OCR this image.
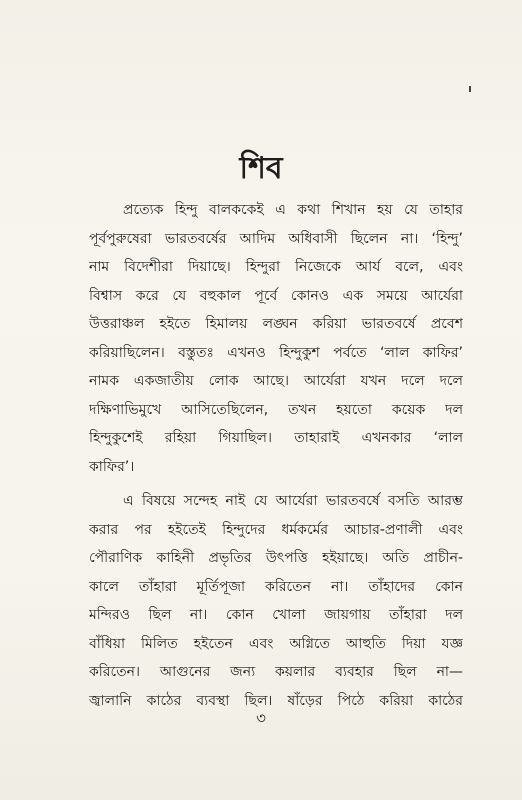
শিব

প্রত্যেক হিন্দু বালককেই এ কথা শিখান হয় যে তাহার
পূর্বপুরুষেরা ভারতবর্ষের আদিম অধিবাসী ছিলেন না। ‘হিন্দু’
নাম বিদেশীরা দিয়াছে। হিন্দুরা নিজেকে আর্য বলে, এবং
বিশ্বাস করে যে বহুকাল পূর্বে কোনও এক সময়ে আর্যেরা
উত্তরাঞ্চল হইতে হিমালয় লঙ্ঘন করিয়া ভারতবর্ষে প্রবেশ
করিয়াছিলেন। বস্তুতঃ এখনও হিন্দুকুশ পর্বতে ‘লাল কাফির’
নামক একজাতীয় লোক আছে। আর্যেরা যখন দলে দলে
দক্ষিণাভিমুখে আসিতেছিলেন, তখন হয়তো কয়েক দল
হিন্দুকুশেই রহিয়া গিয়াছিল। তাহারাই এখনকার ‘লাল
কাফির’।

এ বিষয়ে সন্দেহ নাই যে আর্যেরা ভারতবর্ষে বসতি আরম্ভ
করার পর হইতেই হিন্দুদের ধর্মকর্মের আচার-প্রণালী এবং
পৌরাণিক কাহিনী প্রভৃতির উৎপত্তি হইয়াছে। অতি প্রাচীন-
কালে তাঁহারা মূর্তিপূজা করিতেন না। তাঁহাদের কোন
মন্দিরও ছিল না। কোন খোলা জায়গায় তাঁহারা দল
বাঁধিয়া মিলিত হইতেন এবং অগ্নিতে আহুতি দিয়া যজ্ঞ
করিতেন। আগুনের জন্য কয়লার ব্যবহার ছিল না—
জ্বালানি কাঠের ব্যবস্থা ছিল। ষাঁড়ের পিঠে করিয়া কাঠের

৩
